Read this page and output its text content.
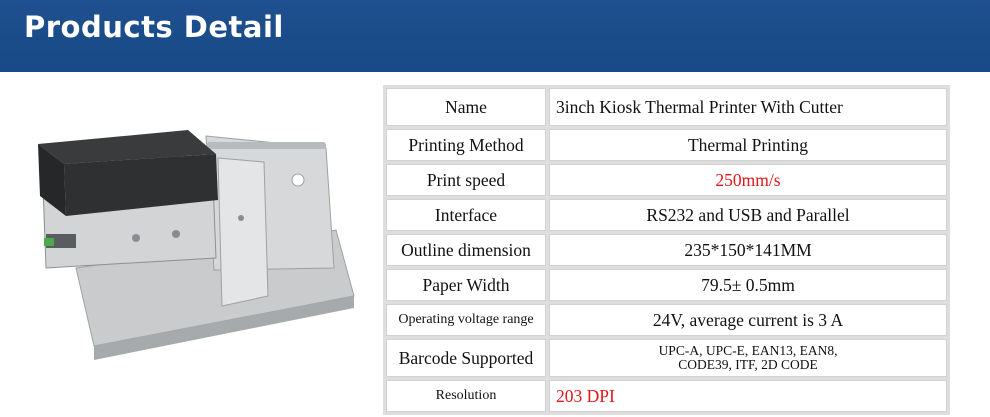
Products Detail
Name	3inch Kiosk Thermal Printer With Cutter
Printing Method	Thermal Printing
Print speed	250mm/s
Interface	RS232 and USB and Parallel
Outline dimension	235*150*141MM
Paper Width	79.5± 0.5mm
Operating voltage range	24V, average current is 3 A
Barcode Supported	UPC-A, UPC-E, EAN13, EAN8,
CODE39, ITF, 2D CODE

Resolution	203 DPI
